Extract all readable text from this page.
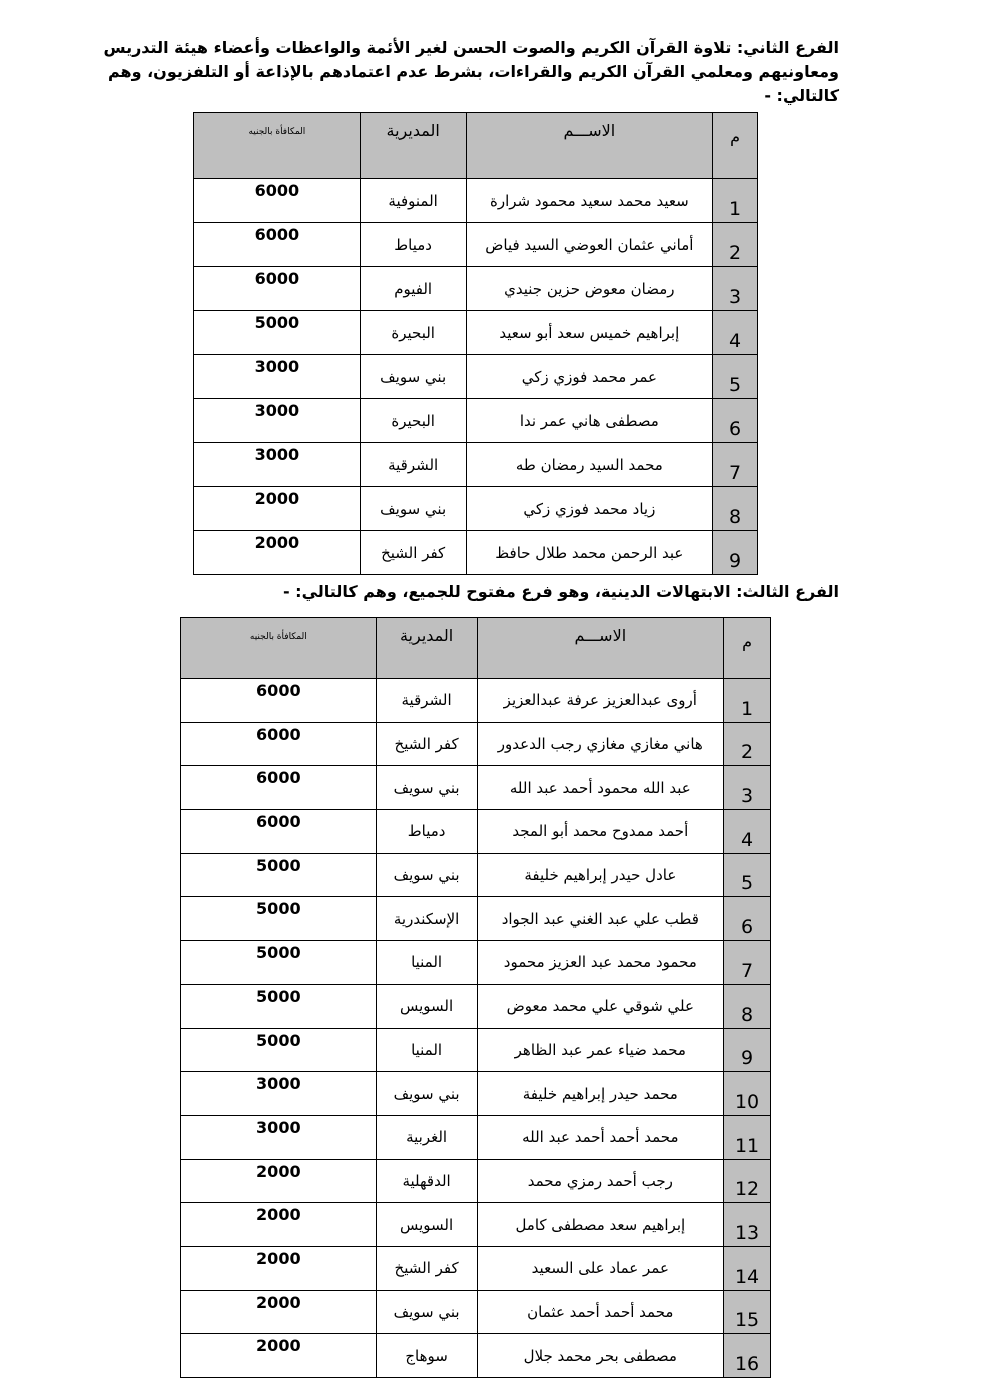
الفرع الثاني: تلاوة القرآن الكريم والصوت الحسن لغير الأئمة والواعظات وأعضاء هيئة التدريس ومعاونيهم ومعلمي القرآن الكريم والقراءات، بشرط عدم اعتمادهم بالإذاعة أو التلفزيون، وهم كالتالي: -
م	الاســـم	المديرية	المكافأة بالجنيه
1	سعيد محمد سعيد محمود شرارة	المنوفية	6000
2	أماني عثمان العوضي السيد فياض	دمياط	6000
3	رمضان معوض حزين جنيدي	الفيوم	6000
4	إبراهيم خميس سعد أبو سعيد	البحيرة	5000
5	عمر محمد فوزي زكي	بني سويف	3000
6	مصطفى هاني عمر ندا	البحيرة	3000
7	محمد السيد رمضان طه	الشرقية	3000
8	زياد محمد فوزي زكي	بني سويف	2000
9	عبد الرحمن محمد طلال حافظ	كفر الشيخ	2000
الفرع الثالث: الابتهالات الدينية، وهو فرع مفتوح للجميع، وهم كالتالي: -
م	الاســـم	المديرية	المكافأة بالجنيه
1	أروى عبدالعزيز عرفة عبدالعزيز	الشرقية	6000
2	هاني مغازي مغازي رجب الدعدور	كفر الشيخ	6000
3	عبد الله محمود أحمد عبد الله	بني سويف	6000
4	أحمد ممدوح محمد أبو المجد	دمياط	6000
5	عادل حيدر إبراهيم خليفة	بني سويف	5000
6	قطب علي عبد الغني عبد الجواد	الإسكندرية	5000
7	محمود محمد عبد العزيز محمود	المنيا	5000
8	علي شوقي علي محمد معوض	السويس	5000
9	محمد ضياء عمر عبد الظاهر	المنيا	5000
10	محمد حيدر إبراهيم خليفة	بني سويف	3000
11	محمد أحمد أحمد عبد الله	الغربية	3000
12	رجب أحمد رمزي محمد	الدقهلية	2000
13	إبراهيم سعد مصطفى كامل	السويس	2000
14	عمر عماد على السعيد	كفر الشيخ	2000
15	محمد أحمد أحمد عثمان	بني سويف	2000
16	مصطفى بحر محمد جلال	سوهاج	2000
